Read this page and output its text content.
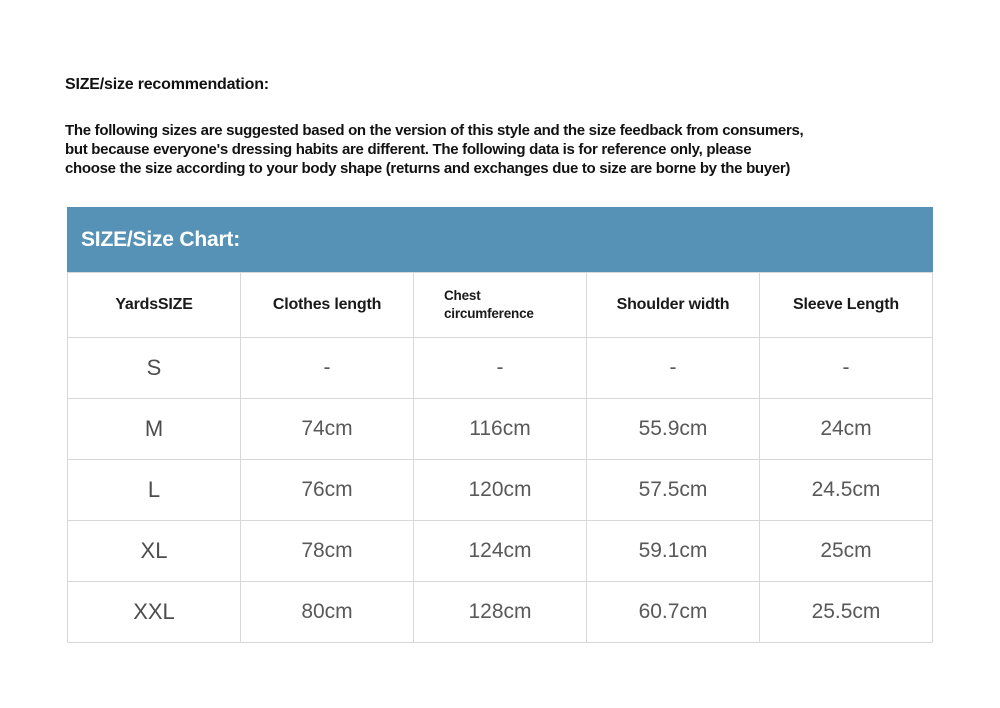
SIZE/size recommendation:
The following sizes are suggested based on the version of this style and the size feedback from consumers,
but because everyone's dressing habits are different. The following data is for reference only, please
choose the size according to your body shape (returns and exchanges due to size are borne by the buyer)
SIZE/Size Chart:
YardsSIZE	Clothes length	Chest circumference	Shoulder width	Sleeve Length
S	-	-	-	-
M	74cm	116cm	55.9cm	24cm
L	76cm	120cm	57.5cm	24.5cm
XL	78cm	124cm	59.1cm	25cm
XXL	80cm	128cm	60.7cm	25.5cm
